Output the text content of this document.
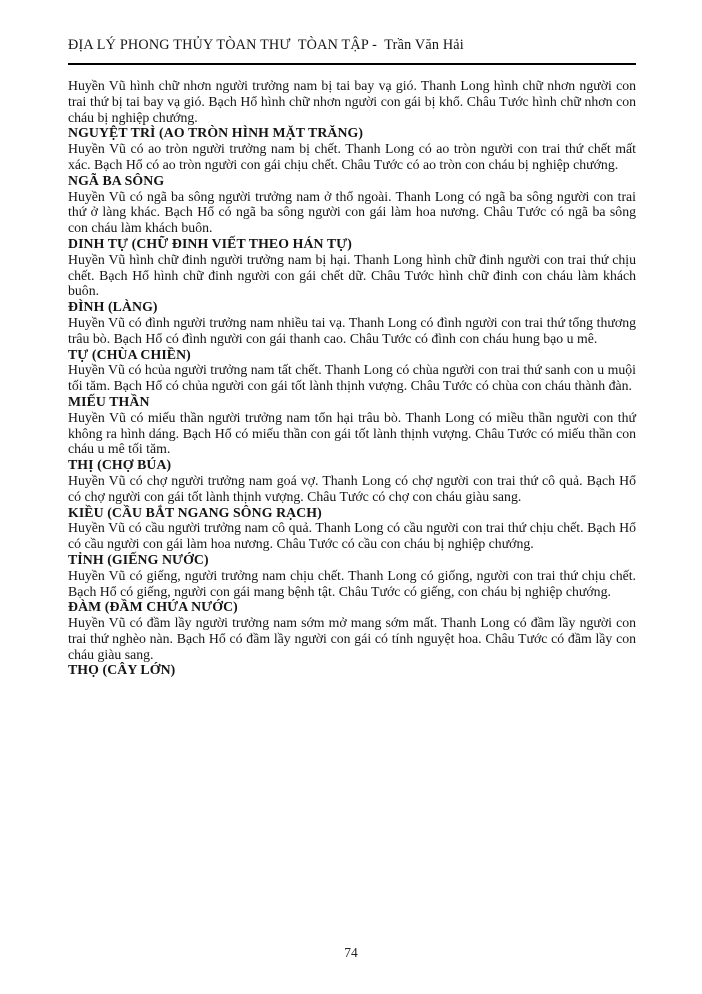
ĐỊA LÝ PHONG THỦY TÒAN THƯ  TÒAN TẬP -  Trần Văn Hải
Huyền Vũ hình chữ nhơn người trưởng nam bị tai bay vạ gió. Thanh Long hình chữ nhơn người con trai thứ bị tai bay vạ gió. Bạch Hổ hình chữ nhơn người con gái bị khổ. Châu Tước hình chữ nhơn con cháu bị nghiệp chướng.
NGUYỆT TRÌ (AO TRÒN HÌNH MẶT TRĂNG)
Huyền Vũ có ao tròn người trưởng nam bị chết. Thanh Long có ao tròn người con trai thứ chết mất xác. Bạch Hổ có ao tròn người con gái chịu chết. Châu Tước có ao tròn con cháu bị nghiệp chướng.
NGÃ BA SÔNG
Huyền Vũ có ngã ba sông người trưởng nam ở thổ ngoài. Thanh Long có ngã ba sông người con trai thứ ở làng khác. Bạch Hổ có ngã ba sông người con gái làm hoa nương. Châu Tước có ngã ba sông con cháu làm khách buôn.
DINH TỰ (CHỮ ĐINH VIẾT THEO HÁN TỰ)
Huyền Vũ hình chữ đinh người trưởng nam bị hại. Thanh Long hình chữ đinh người con trai thứ chịu chết. Bạch Hổ hình chữ đinh người con gái chết dữ. Châu Tước hình chữ đinh con cháu làm khách buôn.
ĐÌNH (LÀNG)
Huyền Vũ có đình người trưởng nam nhiều tai vạ. Thanh Long có đình người con trai thứ tổng thương trâu bò. Bạch Hổ có đình người con gái thanh cao. Châu Tước có đình con cháu hung bạo u mê.
TỰ (CHÙA CHIỀN)
Huyền Vũ có hcủa người trưởng nam tất chết. Thanh Long có chùa người con trai thứ sanh con u muội tối tăm. Bạch Hổ có chủa người con gái tốt lành thịnh vượng. Châu Tước có chùa con cháu thành đàn.
MIẾU THẦN
Huyền Vũ có miếu thần người trưởng nam tổn hại trâu bò. Thanh Long có miều thần người con thứ không ra hình dáng. Bạch Hổ có miếu thần con gái tốt lành thịnh vượng. Châu Tước có miếu thần con cháu u mê tối tăm.
THỊ (CHỢ BÚA)
Huyền Vũ có chợ người trưởng nam goá vợ. Thanh Long có chợ người con trai thứ cô quả. Bạch Hổ có chợ người con gái tốt lành thịnh vượng. Châu Tước có chợ con cháu giàu sang.
KIỀU (CẦU BẮT NGANG SÔNG RẠCH)
Huyền Vũ có cầu người trưởng nam cô quả. Thanh Long có cầu người con trai thứ chịu chết. Bạch Hổ có cầu người con gái làm hoa nương. Châu Tước có cầu con cháu bị nghiệp chướng.
TỈNH (GIẾNG NƯỚC)
Huyền Vũ có giếng, người trưởng nam chịu chết. Thanh Long có giống, người con trai thứ chịu chết. Bạch Hổ có giếng, người con gái mang bệnh tật. Châu Tước có giếng, con cháu bị nghiệp chướng.
ĐÀM (ĐẦM CHỨA NƯỚC)
Huyền Vũ có đầm lầy người trưởng nam sớm mở mang sớm mất. Thanh Long có đầm lầy người con trai thứ nghèo nàn. Bạch Hổ có đầm lầy người con gái có tính nguyệt hoa. Châu Tước có đầm lầy con cháu giàu sang.
THỌ (CÂY LỚN)
74
